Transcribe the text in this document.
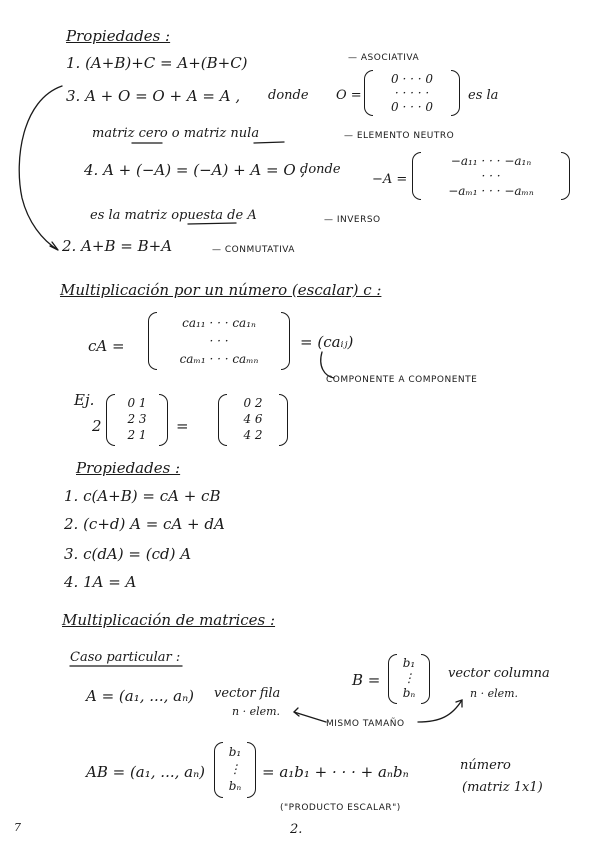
Propiedades :
1. (A+B)+C = A+(B+C)	— ASOCIATIVA
3. A + O = O + A = A , donde O =
0 · · · 0
· · · · ·
0 · · · 0
es la
matriz cero o matriz nula	— ELEMENTO NEUTRO
4. A + (−A) = (−A) + A = O ,
donde
−A =
−a₁₁ · · · −a₁ₙ
· · ·
−aₘ₁ · · · −aₘₙ
es la matriz opuesta de A	— INVERSO
2. A+B = B+A	— CONMUTATIVA
Multiplicación por un número (escalar) c :
cA =
ca₁₁ · · · ca₁ₙ
· · ·
caₘ₁ · · · caₘₙ
= (caᵢⱼ)
COMPONENTE A COMPONENTE
Ej.
2
0 1
2 3
2 1	=
0 2
4 6
4 2
Propiedades :
1. c(A+B) = cA + cB
2. (c+d) A = cA + dA
3. c(dA) = (cd) A
4. 1A = A
Multiplicación de matrices :
Caso particular :
A = (a₁, ..., aₙ) vector fila
n · elem.
B =
b₁
⋮
bₙ
vector columna
n · elem.
MISMO TAMAÑO
AB = (a₁, ..., aₙ)
b₁
⋮
bₙ
= a₁b₁ + · · · + aₙbₙ	número
(matriz 1x1)
("PRODUCTO ESCALAR")
2.
7
